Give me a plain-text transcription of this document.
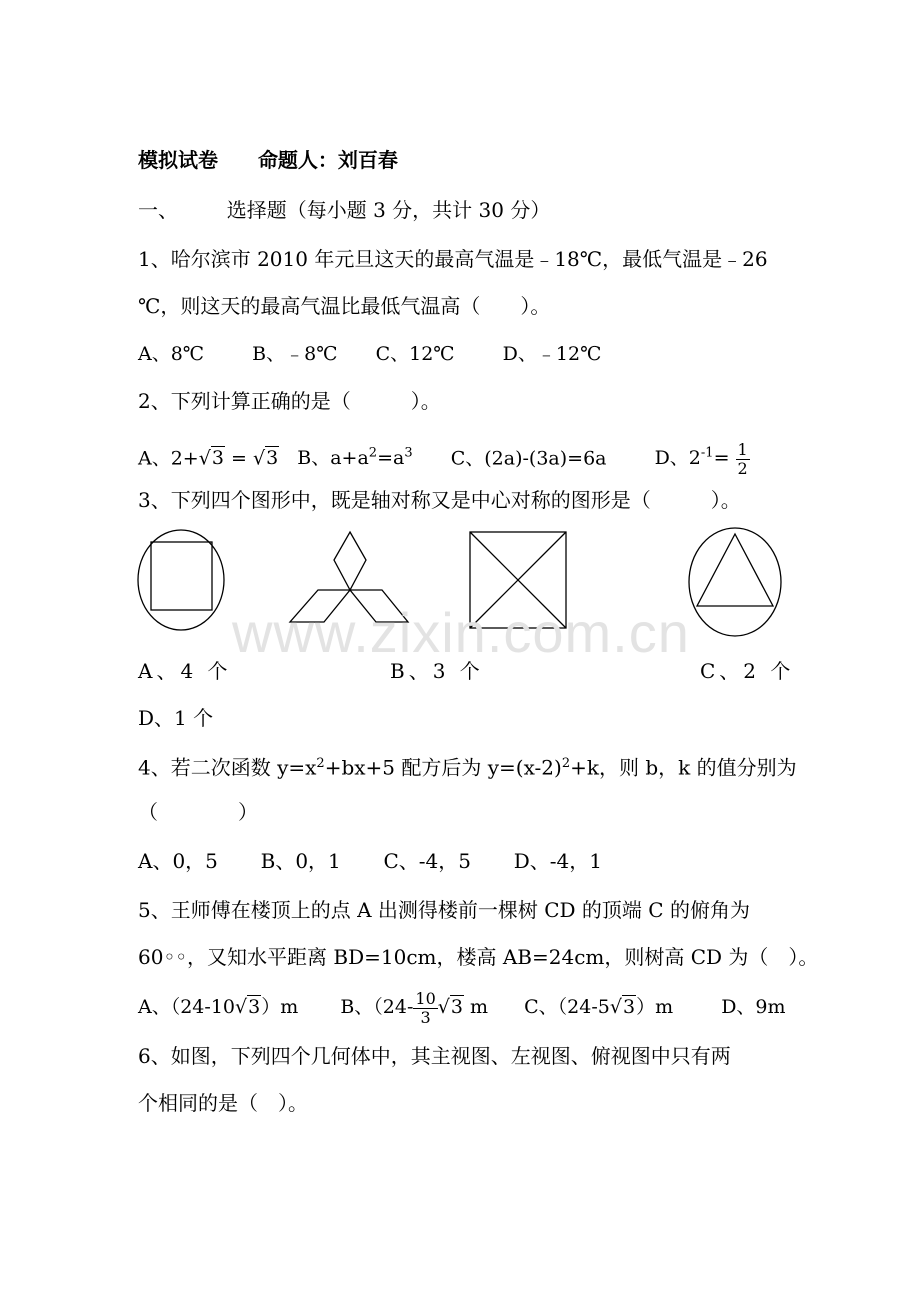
模拟试卷 命题人：刘百春
一、 选择题（每小题 3 分，共计 30 分）
1、哈尔滨市 2010 年元旦这天的最高气温是﹣18℃，最低气温是﹣26
℃，则这天的最高气温比最低气温高（　　）。
A、8℃	B、﹣8℃ C、12℃	D、﹣12℃
2、下列计算正确的是（　　　）。
A、2+√3 = √3 B、$a+a^2=a^3$ C、(2a)-(3a)=6a	D、$2^{-1}= \frac{1}{2}$
3、下列四个图形中，既是轴对称又是中心对称的图形是（　　　）。
www.zixin.com.cn
A、4 个	B、3 个	C、2 个
D、1 个
4、若二次函数 $y=x^2+bx+5$ 配方后为 $y=(x-2)^2+k$，则 b，k 的值分别为
（　　　　）
A、0，5 B、0，1 C、-4，5 D、-4，1
5、王师傅在楼顶上的点 A 出测得楼前一棵树 CD 的顶端 C 的俯角为
60◦◦，又知水平距离 BD=10cm，楼高 AB=24cm，则树高 CD 为（　）。
A、（24-10√3）m B、（$24- \frac{10}{3} √3$ m C、（24-5√3）m	D、9m
6、如图，下列四个几何体中，其主视图、左视图、俯视图中只有两
个相同的是（　）。
